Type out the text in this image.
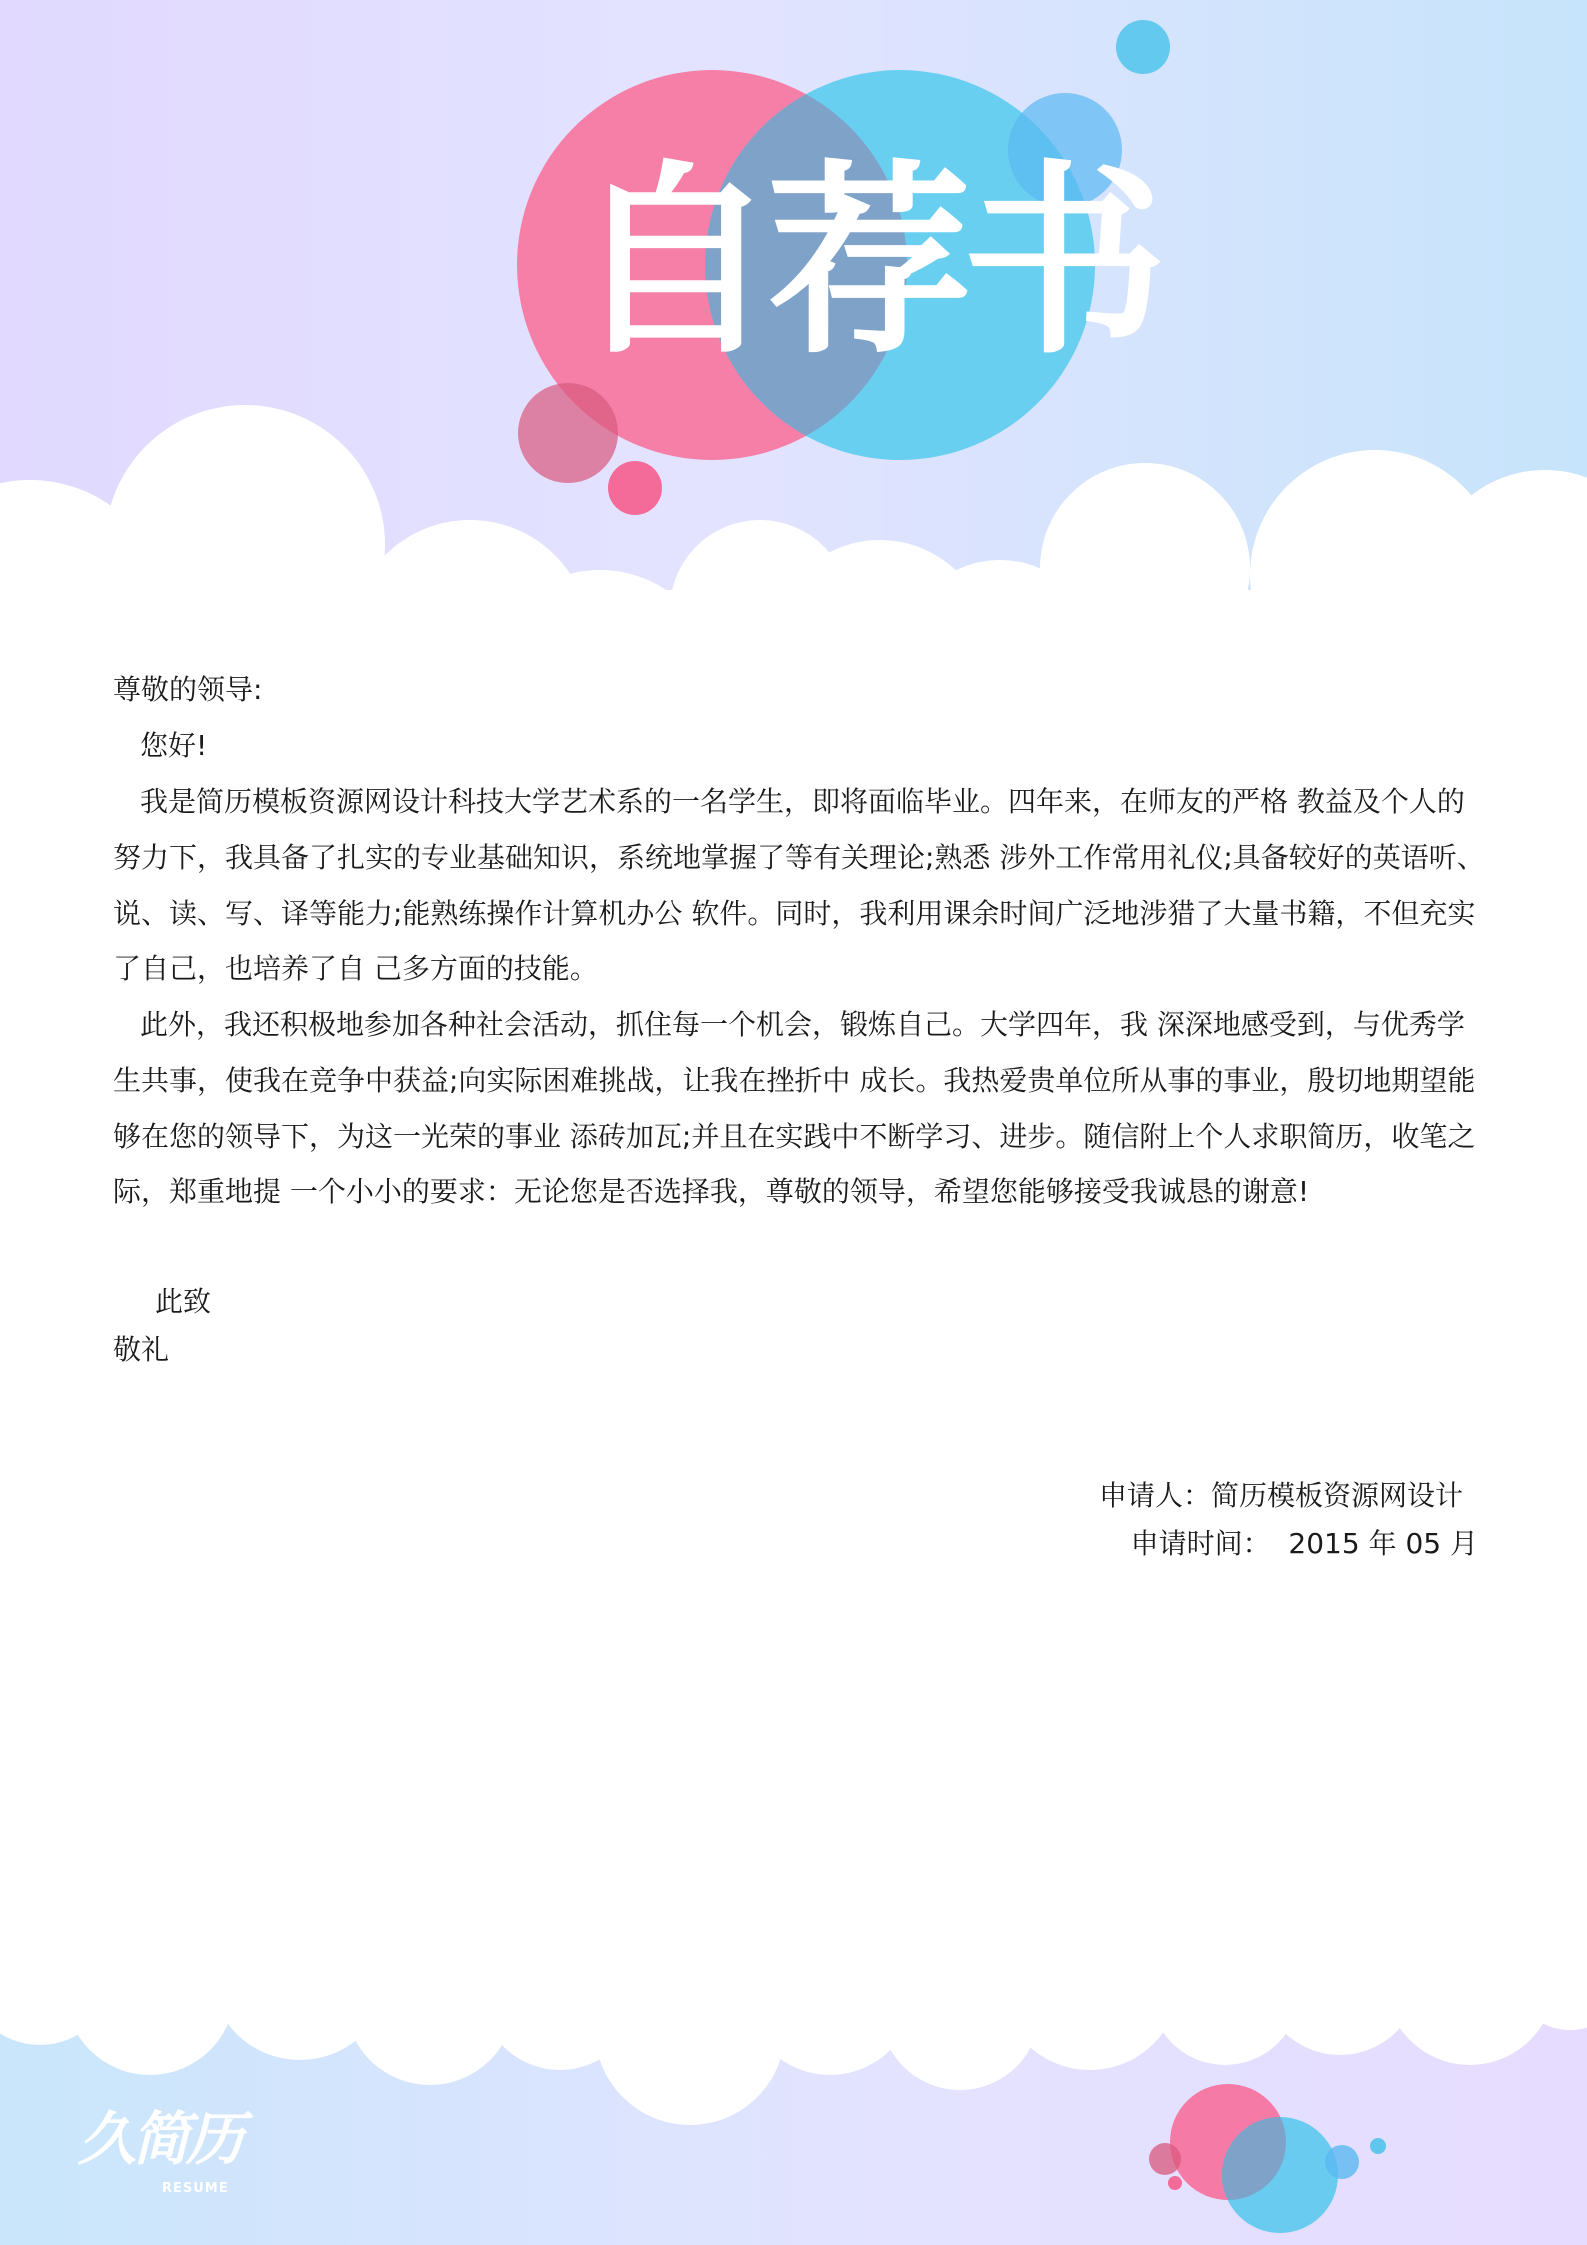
自荐书
尊敬的领导:
您好!
我是简历模板资源网设计科技大学艺术系的一名学生，即将面临毕业。四年来，在师友的严格 教益及个人的
努力下，我具备了扎实的专业基础知识，系统地掌握了等有关理论;熟悉 涉外工作常用礼仪;具备较好的英语听、
说、读、写、译等能力;能熟练操作计算机办公 软件。同时，我利用课余时间广泛地涉猎了大量书籍，不但充实
了自己，也培养了自 己多方面的技能。
此外，我还积极地参加各种社会活动，抓住每一个机会，锻炼自己。大学四年，我 深深地感受到，与优秀学
生共事，使我在竞争中获益;向实际困难挑战，让我在挫折中 成长。我热爱贵单位所从事的事业，殷切地期望能
够在您的领导下，为这一光荣的事业 添砖加瓦;并且在实践中不断学习、进步。随信附上个人求职简历，收笔之
际，郑重地提 一个小小的要求：无论您是否选择我，尊敬的领导，希望您能够接受我诚恳的谢意!
此致
敬礼
申请人：简历模板资源网设计
申请时间：  2015 年 05 月
久简历
RESUME
